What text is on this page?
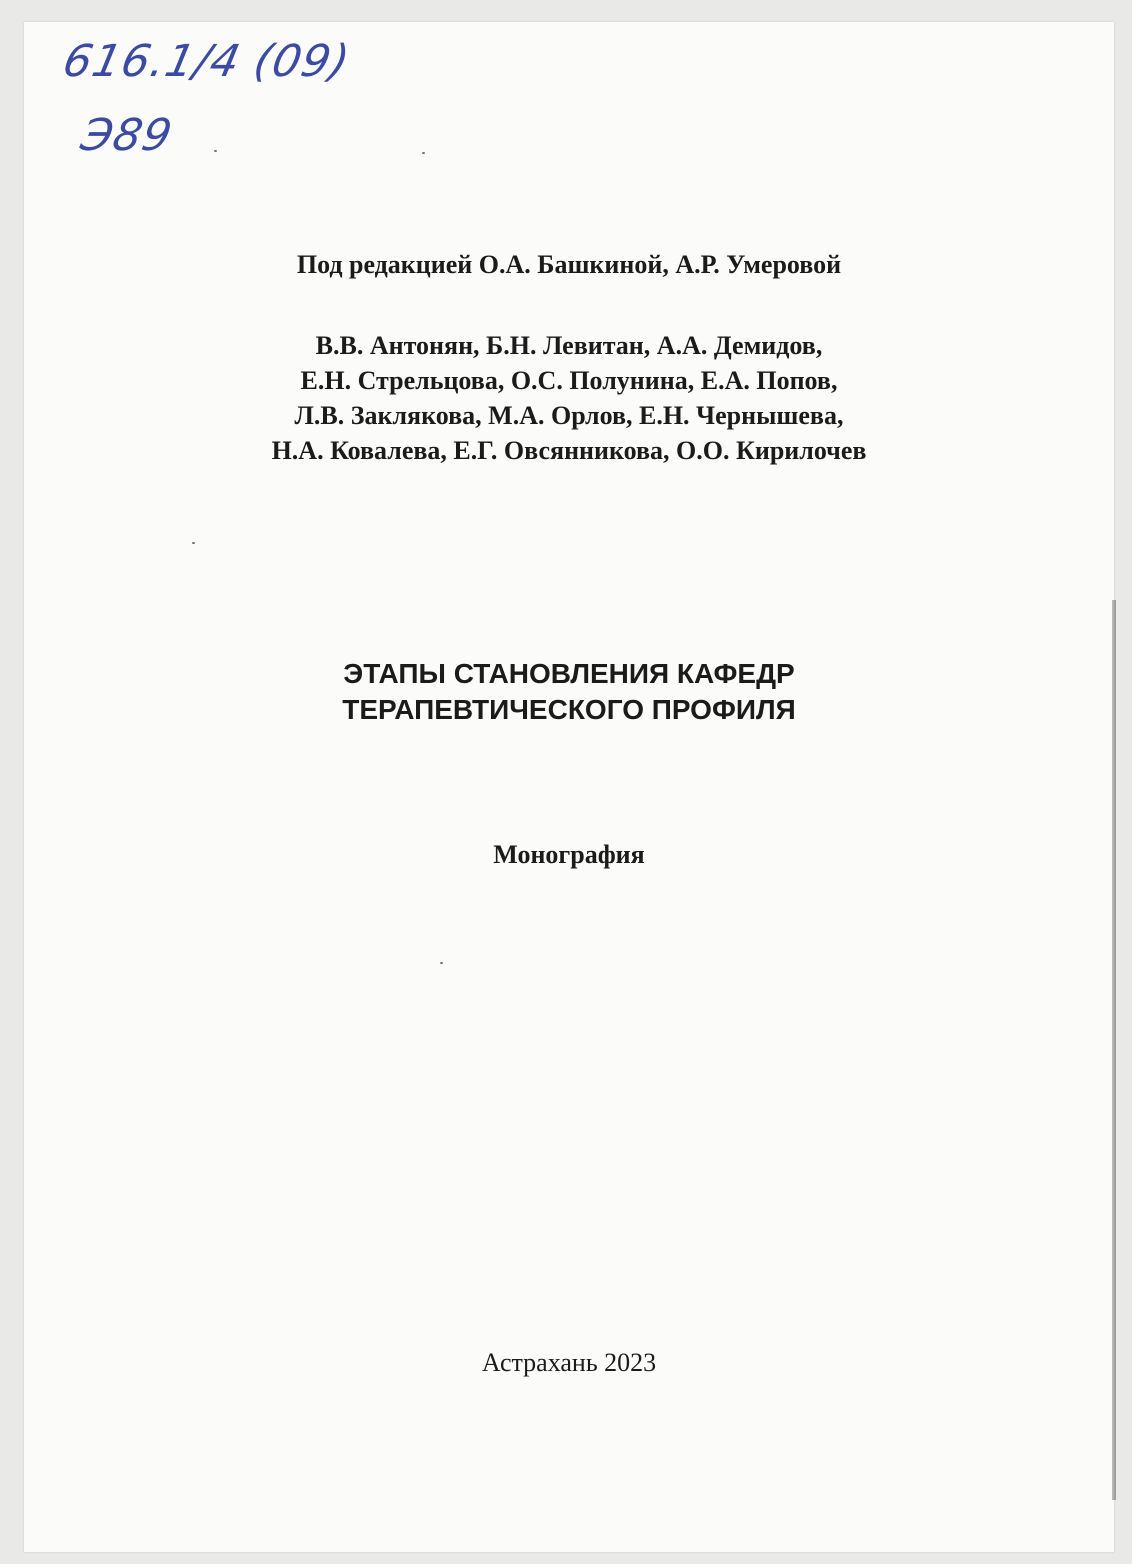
616.1/4 (09)
Э89
Под редакцией О.А. Башкиной, А.Р. Умеровой
В.В. Антонян, Б.Н. Левитан, А.А. Демидов,
Е.Н. Стрельцова, О.С. Полунина, Е.А. Попов,
Л.В. Заклякова, М.А. Орлов, Е.Н. Чернышева,
Н.А. Ковалева, Е.Г. Овсянникова, О.О. Кирилочев
ЭТАПЫ СТАНОВЛЕНИЯ КАФЕДР
ТЕРАПЕВТИЧЕСКОГО ПРОФИЛЯ
Монография
Астрахань 2023
